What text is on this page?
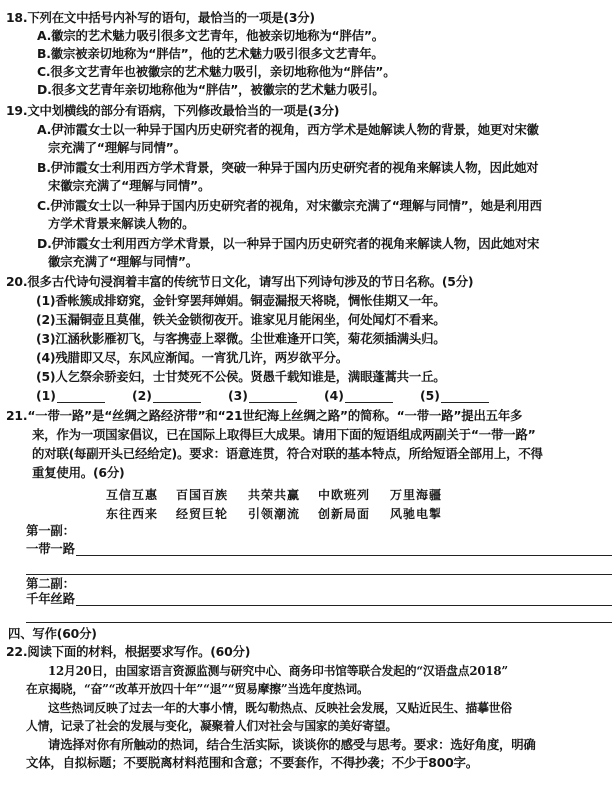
18.下列在文中括号内补写的语句，最恰当的一项是(3分)
A.徽宗的艺术魅力吸引很多文艺青年，他被亲切地称为“胖佶”。
B.徽宗被亲切地称为“胖佶”，他的艺术魅力吸引很多文艺青年。
C.很多文艺青年也被徽宗的艺术魅力吸引，亲切地称他为“胖佶”。
D.很多文艺青年亲切地称他为“胖佶”，被徽宗的艺术魅力吸引。
19.文中划横线的部分有语病，下列修改最恰当的一项是(3分)
A.伊沛霞女士以一种异于国内历史研究者的视角，西方学术是她解读人物的背景，她更对宋徽
宗充满了“理解与同情”。
B.伊沛霞女士利用西方学术背景，突破一种异于国内历史研究者的视角来解读人物，因此她对
宋徽宗充满了“理解与同情”。
C.伊沛霞女士以一种异于国内历史研究者的视角，对宋徽宗充满了“理解与同情”，她是利用西
方学术背景来解读人物的。
D.伊沛霞女士利用西方学术背景，以一种异于国内历史研究者的视角来解读人物，因此她对宋
徽宗充满了“理解与同情”。
20.很多古代诗句浸润着丰富的传统节日文化，请写出下列诗句涉及的节日名称。(5分)
(1)香帐簇成排窈窕，金针穿罢拜婵娟。铜壶漏报天将晓，惆怅佳期又一年。
(2)玉漏铜壶且莫催，铁关金锁彻夜开。谁家见月能闲坐，何处闻灯不看来。
(3)江涵秋影雁初飞，与客携壶上翠微。尘世难逢开口笑，菊花须插满头归。
(4)残腊即又尽，东风应渐闻。一宵犹几许，两岁欲平分。
(5)人乞祭余骄妾妇，士甘焚死不公侯。贤愚千载知谁是，满眼蓬蒿共一丘。
(1)	(2)	(3)	(4)	(5)
21.“一带一路”是“丝绸之路经济带”和“21世纪海上丝绸之路”的简称。“一带一路”提出五年多
来，作为一项国家倡议，已在国际上取得巨大成果。请用下面的短语组成两副关于“一带一路”
的对联(每副开头已经给定)。要求：语意连贯，符合对联的基本特点，所给短语全部用上，不得
重复使用。(6分)
互信互惠 百国百族 共荣共赢 中欧班列 万里海疆
东往西来 经贸巨轮 引领潮流 创新局面 风驰电掣
第一副：
一带一路
第二副：
千年丝路
四、写作(60分)
22.阅读下面的材料，根据要求写作。(60分)
12月20日，由国家语言资源监测与研究中心、商务印书馆等联合发起的“汉语盘点2018”
在京揭晓，“奋”“改革开放四十年”“退”“贸易摩擦”当选年度热词。
这些热词反映了过去一年的大事小情，既勾勒热点、反映社会发展，又贴近民生、描摹世俗
人情，记录了社会的发展与变化，凝聚着人们对社会与国家的美好寄望。
请选择对你有所触动的热词，结合生活实际，谈谈你的感受与思考。要求：选好角度，明确
文体，自拟标题；不要脱离材料范围和含意；不要套作，不得抄袭；不少于800字。
